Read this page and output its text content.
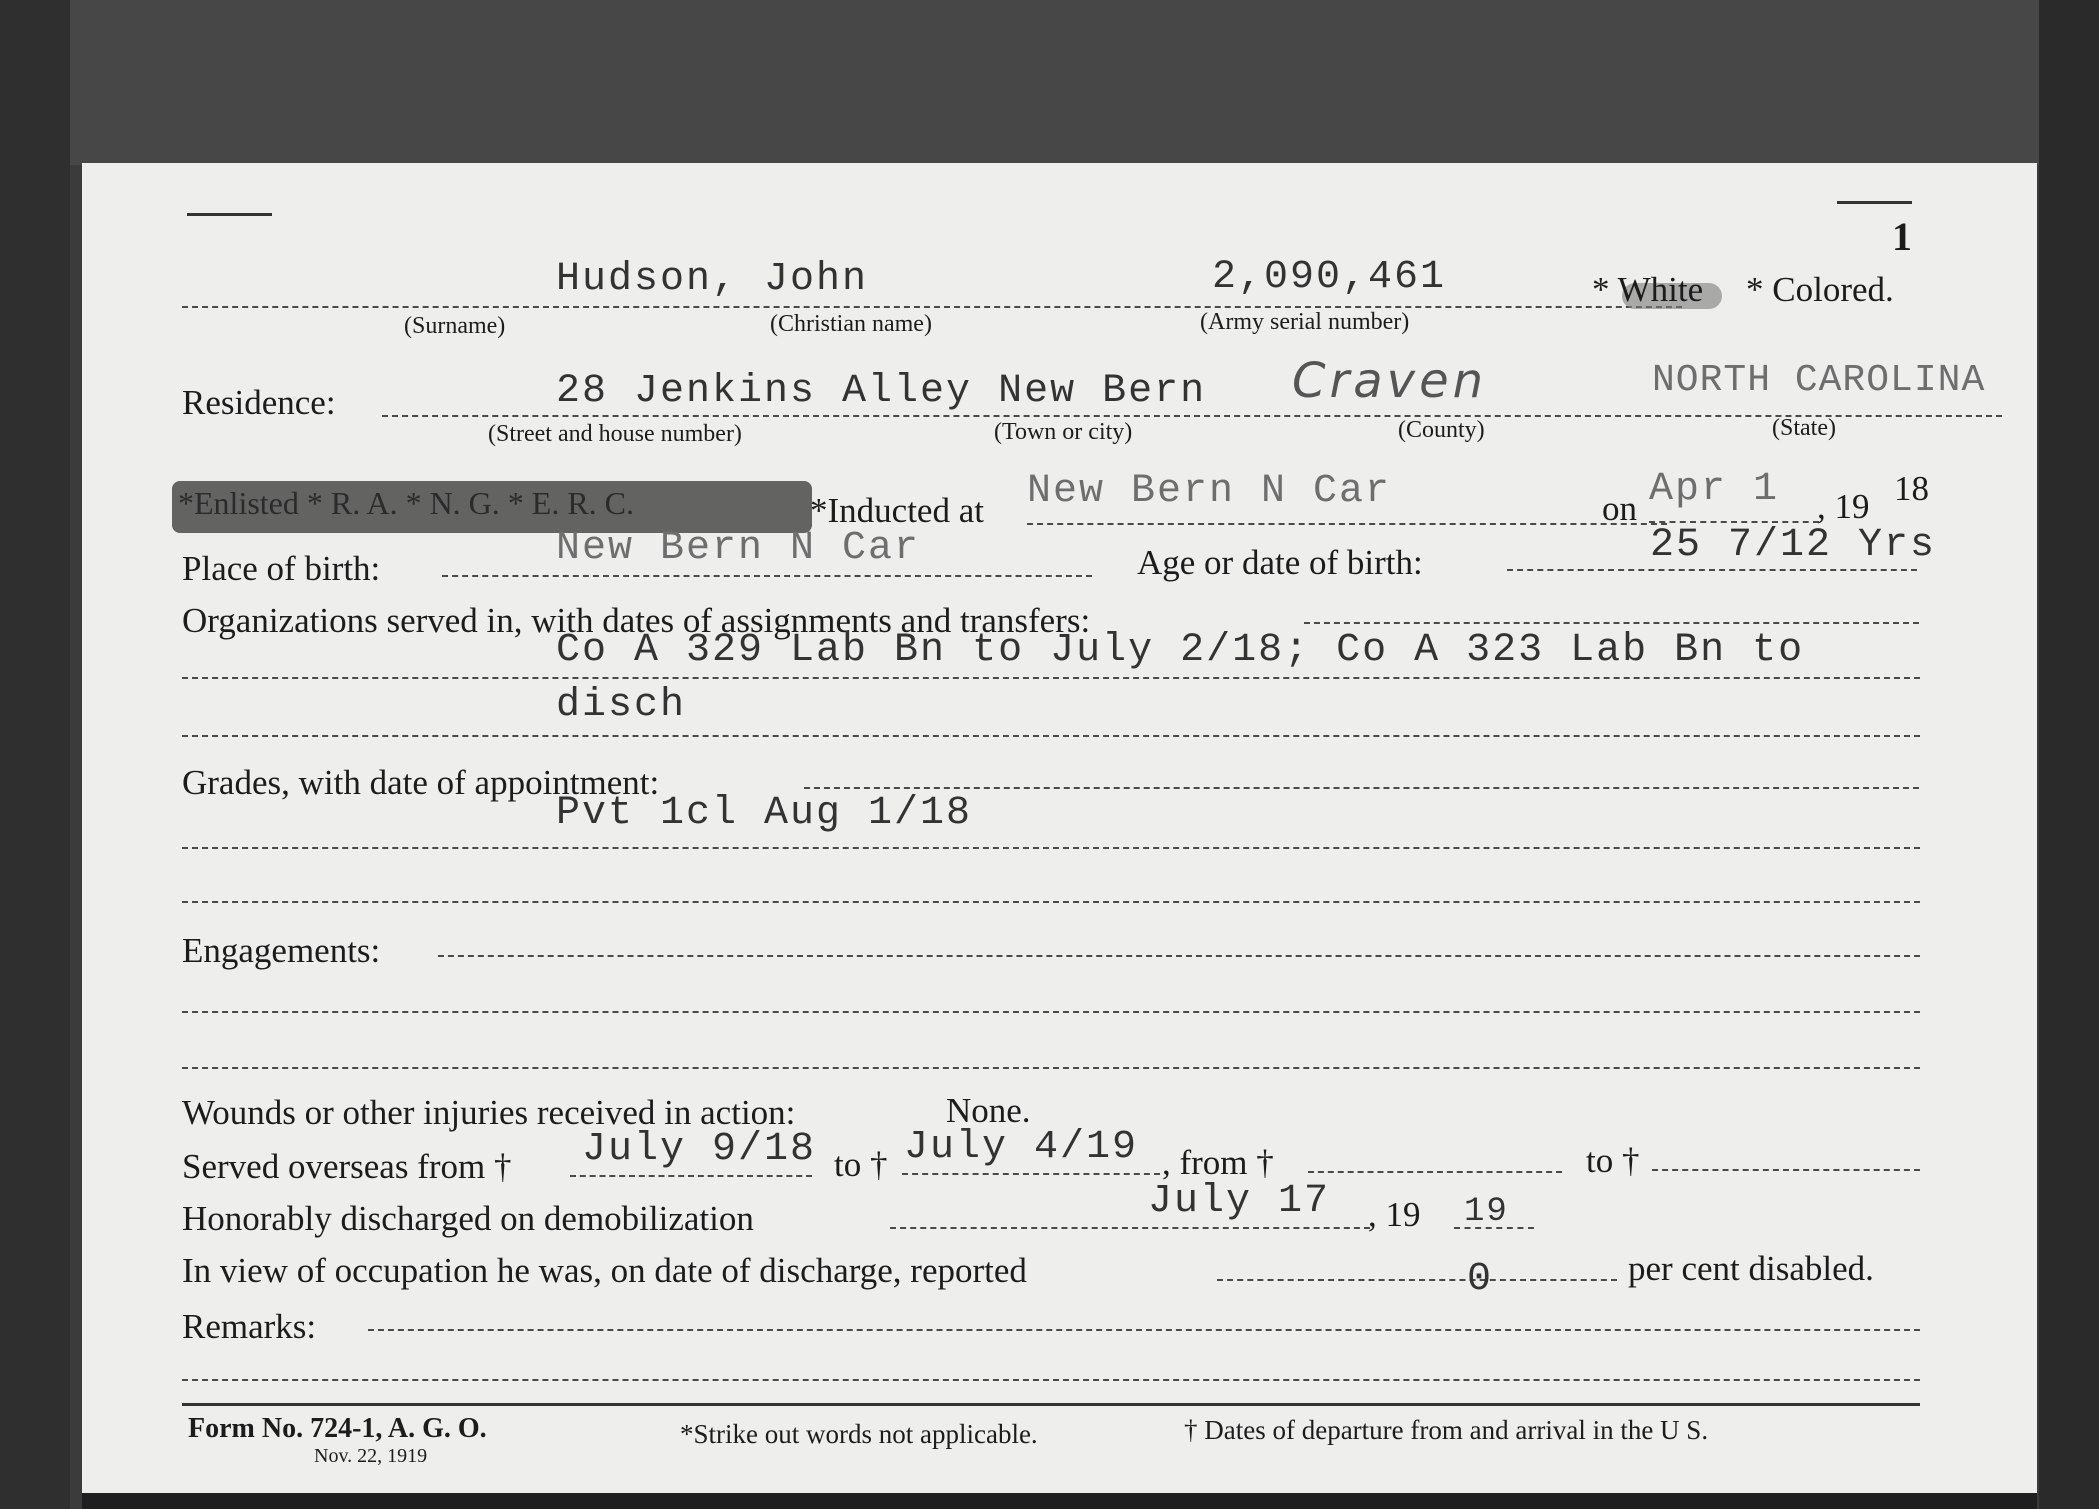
1
Hudson, John	2,090,461	* White * Colored.
(Surname)	(Christian name)	(Army serial number)
Residence:	28 Jenkins Alley New Bern Craven	NORTH CAROLINA
(Street and house number)	(Town or city)	(County)	(State)
*Enlisted * R. A. * N. G. * E. R. C.	*Inducted at New Bern N Car	on Apr 1 , 19 18
Place of birth:	New Bern N Car	Age or date of birth:	25 7/12 Yrs
Organizations served in, with dates of assignments and transfers:
Co A 329 Lab Bn to July 2/18; Co A 323 Lab Bn to
disch
Grades, with date of appointment:
Pvt 1cl Aug 1/18
Engagements:
Wounds or other injuries received in action:	None.
Served overseas from † July 9/18 to † July 4/19 , from †	to †
Honorably discharged on demobilization	July 17 , 19 19
In view of occupation he was, on date of discharge, reported	0	per cent disabled.
Remarks:
Form No. 724-1, A. G. O.
Nov. 22, 1919
*Strike out words not applicable.	† Dates of departure from and arrival in the U S.
